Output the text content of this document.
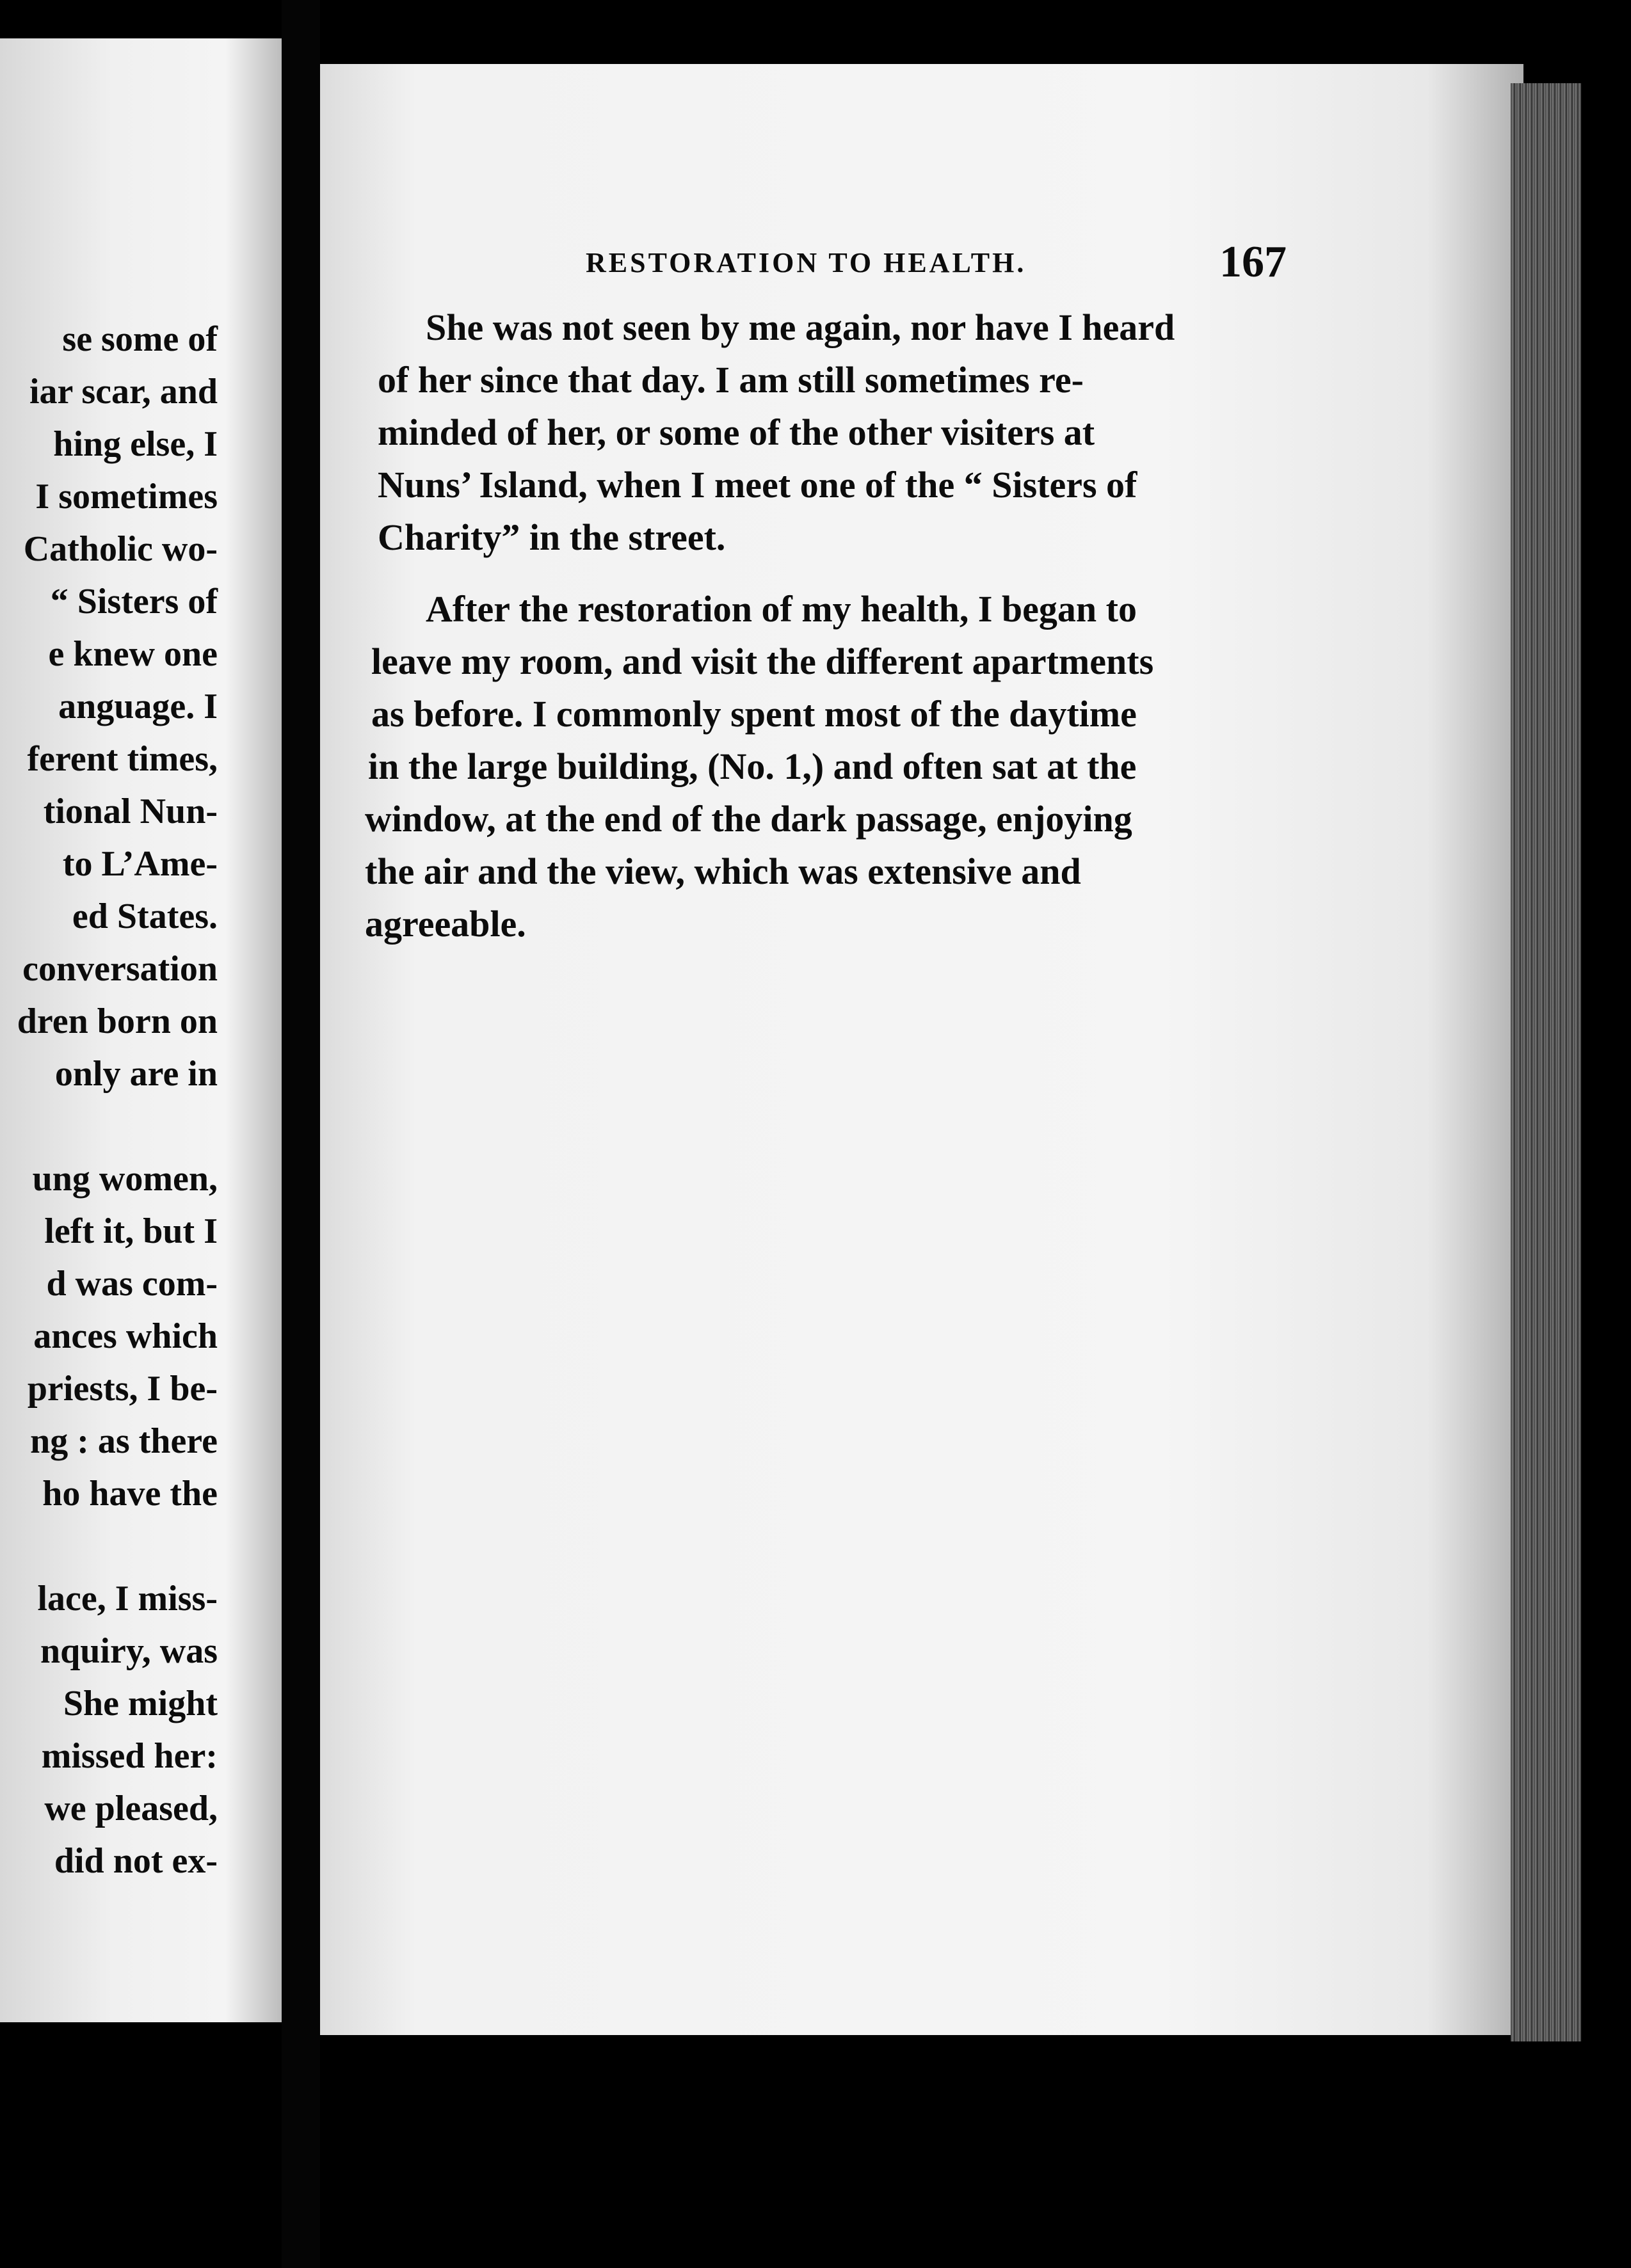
se some of
iar scar, and
hing else, I
I sometimes
Catholic wo-
“ Sisters of
e knew one
anguage. I
ferent times,
tional Nun-
to L’Ame-
ed States.
conversation
dren born on
only are in
ung women,
left it, but I
d was com-
ances which
priests, I be-
ng : as there
ho have the
lace, I miss-
nquiry, was
She might
missed her:
we pleased,
did not ex-
RESTORATION TO HEALTH.	167
She was not seen by me again, nor have I heard
of her since that day. I am still sometimes re-
minded of her, or some of the other visiters at
Nuns’ Island, when I meet one of the “ Sisters of
Charity” in the street.
After the restoration of my health, I began to
leave my room, and visit the different apartments
as before. I commonly spent most of the daytime
in the large building, (No. 1,) and often sat at the
window, at the end of the dark passage, enjoying
the air and the view, which was extensive and
agreeable.
